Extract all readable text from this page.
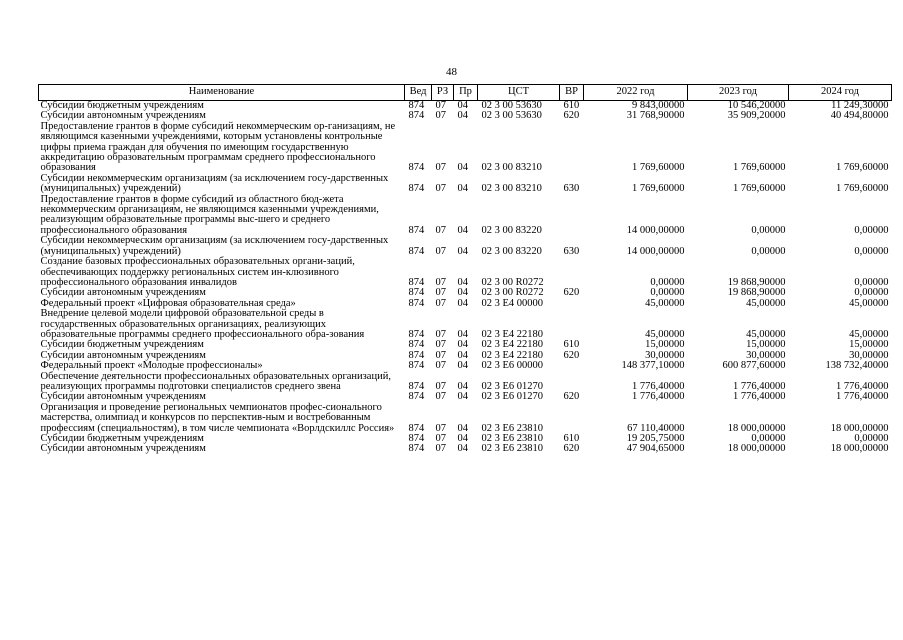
48
Наименование	Вед	РЗ	Пр	ЦСТ	ВР	2022 год	2023 год	2024 год
Субсидии бюджетным учреждениям	874	07	04	02 3 00 53630	610	9 843,00000	10 546,20000	11 249,30000
Субсидии автономным учреждениям	874	07	04	02 3 00 53630	620	31 768,90000	35 909,20000	40 494,80000
Предоставление грантов в форме субсидий некоммерческим ор-ганизациям, не являющимся казенными учреждениями, которым установлены контрольные цифры приема граждан для обучения по имеющим государственную аккредитацию образовательным программам среднего профессионального образования	874	07	04	02 3 00 83210		1 769,60000	1 769,60000	1 769,60000
Субсидии некоммерческим организациям (за исключением госу-дарственных (муниципальных) учреждений)	874	07	04	02 3 00 83210	630	1 769,60000	1 769,60000	1 769,60000
Предоставление грантов в форме субсидий из областного бюд-жета некоммерческим организациям, не являющимся казенными учреждениями, реализующим образовательные программы выс-шего и среднего профессионального образования	874	07	04	02 3 00 83220		14 000,00000	0,00000	0,00000
Субсидии некоммерческим организациям (за исключением госу-дарственных (муниципальных) учреждений)	874	07	04	02 3 00 83220	630	14 000,00000	0,00000	0,00000
Создание базовых профессиональных образовательных органи-заций, обеспечивающих поддержку региональных систем ин-клюзивного профессионального образования инвалидов	874	07	04	02 3 00 R0272		0,00000	19 868,90000	0,00000
Субсидии автономным учреждениям	874	07	04	02 3 00 R0272	620	0,00000	19 868,90000	0,00000
Федеральный проект «Цифровая образовательная среда»	874	07	04	02 3 E4 00000		45,00000	45,00000	45,00000
Внедрение целевой модели цифровой образовательной среды в государственных образовательных организациях, реализующих образовательные программы среднего профессионального обра-зования	874	07	04	02 3 E4 22180		45,00000	45,00000	45,00000
Субсидии бюджетным учреждениям	874	07	04	02 3 E4 22180	610	15,00000	15,00000	15,00000
Субсидии автономным учреждениям	874	07	04	02 3 E4 22180	620	30,00000	30,00000	30,00000
Федеральный проект «Молодые профессионалы»	874	07	04	02 3 E6 00000		148 377,10000	600 877,60000	138 732,40000
Обеспечение деятельности профессиональных образовательных организаций, реализующих программы подготовки специалистов среднего звена	874	07	04	02 3 E6 01270		1 776,40000	1 776,40000	1 776,40000
Субсидии автономным учреждениям	874	07	04	02 3 E6 01270	620	1 776,40000	1 776,40000	1 776,40000
Организация и проведение региональных чемпионатов профес-сионального мастерства, олимпиад и конкурсов по перспектив-ным и востребованным профессиям (специальностям), в том числе чемпионата «Ворлдскиллс Россия»	874	07	04	02 3 E6 23810		67 110,40000	18 000,00000	18 000,00000
Субсидии бюджетным учреждениям	874	07	04	02 3 E6 23810	610	19 205,75000	0,00000	0,00000
Субсидии автономным учреждениям	874	07	04	02 3 E6 23810	620	47 904,65000	18 000,00000	18 000,00000
